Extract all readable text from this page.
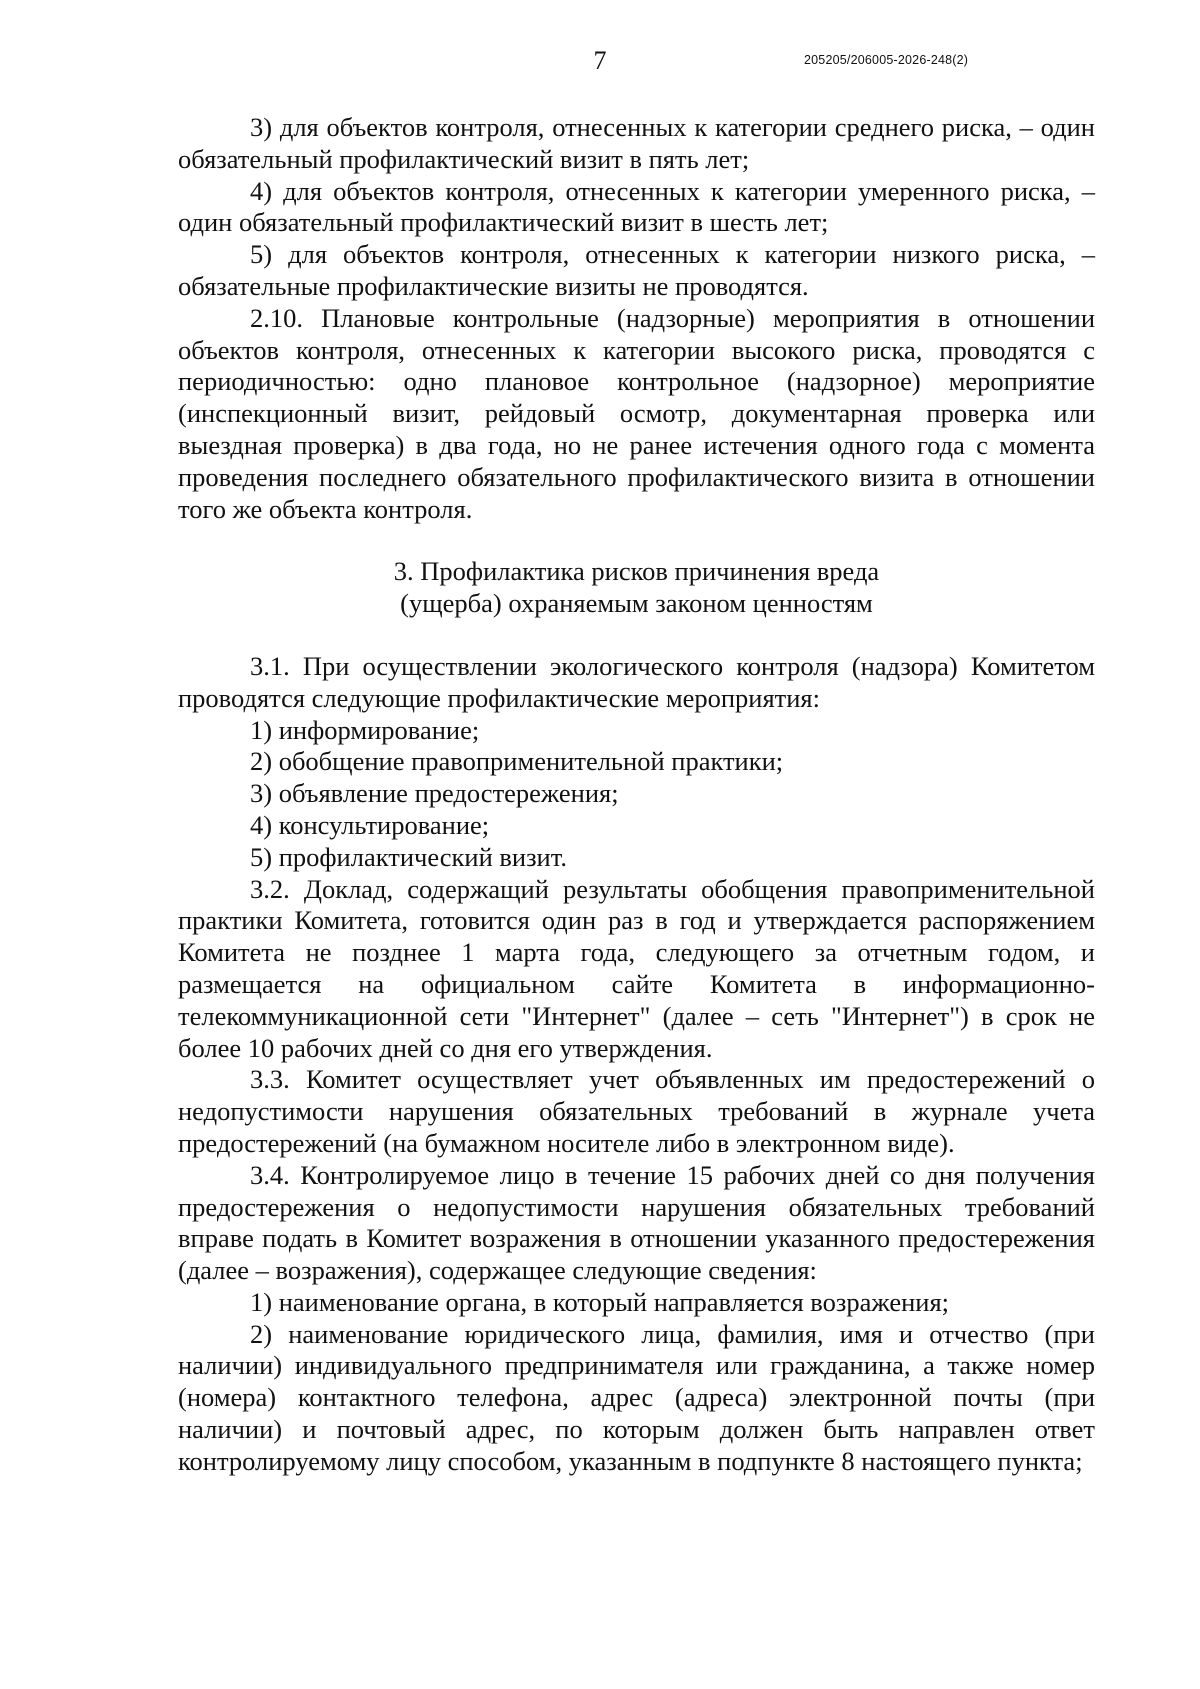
7	205205/206005-2026-248(2)

3) для объектов контроля, отнесенных к категории среднего риска, – один обязательный профилактический визит в пять лет;

4) для объектов контроля, отнесенных к категории умеренного риска, – один обязательный профилактический визит в шесть лет;

5) для объектов контроля, отнесенных к категории низкого риска, – обязательные профилактические визиты не проводятся.

2.10. Плановые контрольные (надзорные) мероприятия в отношении объектов контроля, отнесенных к категории высокого риска, проводятся с периодичностью: одно плановое контрольное (надзорное) мероприятие (инспекционный визит, рейдовый осмотр, документарная проверка или выездная проверка) в два года, но не ранее истечения одного года с момента проведения последнего обязательного профилактического визита в отношении того же объекта контроля.

3. Профилактика рисков причинения вреда
(ущерба) охраняемым законом ценностям

3.1. При осуществлении экологического контроля (надзора) Комитетом проводятся следующие профилактические мероприятия:

1) информирование;

2) обобщение правоприменительной практики;

3) объявление предостережения;

4) консультирование;

5) профилактический визит.

3.2. Доклад, содержащий результаты обобщения правоприменительной практики Комитета, готовится один раз в год и утверждается распоряжением Комитета не позднее 1 марта года, следующего за отчетным годом, и размещается на официальном сайте Комитета в информационно-телекоммуникационной сети "Интернет" (далее – сеть "Интернет") в срок не более 10 рабочих дней со дня его утверждения.

3.3. Комитет осуществляет учет объявленных им предостережений о недопустимости нарушения обязательных требований в журнале учета предостережений (на бумажном носителе либо в электронном виде).

3.4. Контролируемое лицо в течение 15 рабочих дней со дня получения предостережения о недопустимости нарушения обязательных требований вправе подать в Комитет возражения в отношении указанного предостережения (далее – возражения), содержащее следующие сведения:

1) наименование органа, в который направляется возражения;

2) наименование юридического лица, фамилия, имя и отчество (при наличии) индивидуального предпринимателя или гражданина, а также номер (номера) контактного телефона, адрес (адреса) электронной почты (при наличии) и почтовый адрес, по которым должен быть направлен ответ контролируемому лицу способом, указанным в подпункте 8 настоящего пункта;
